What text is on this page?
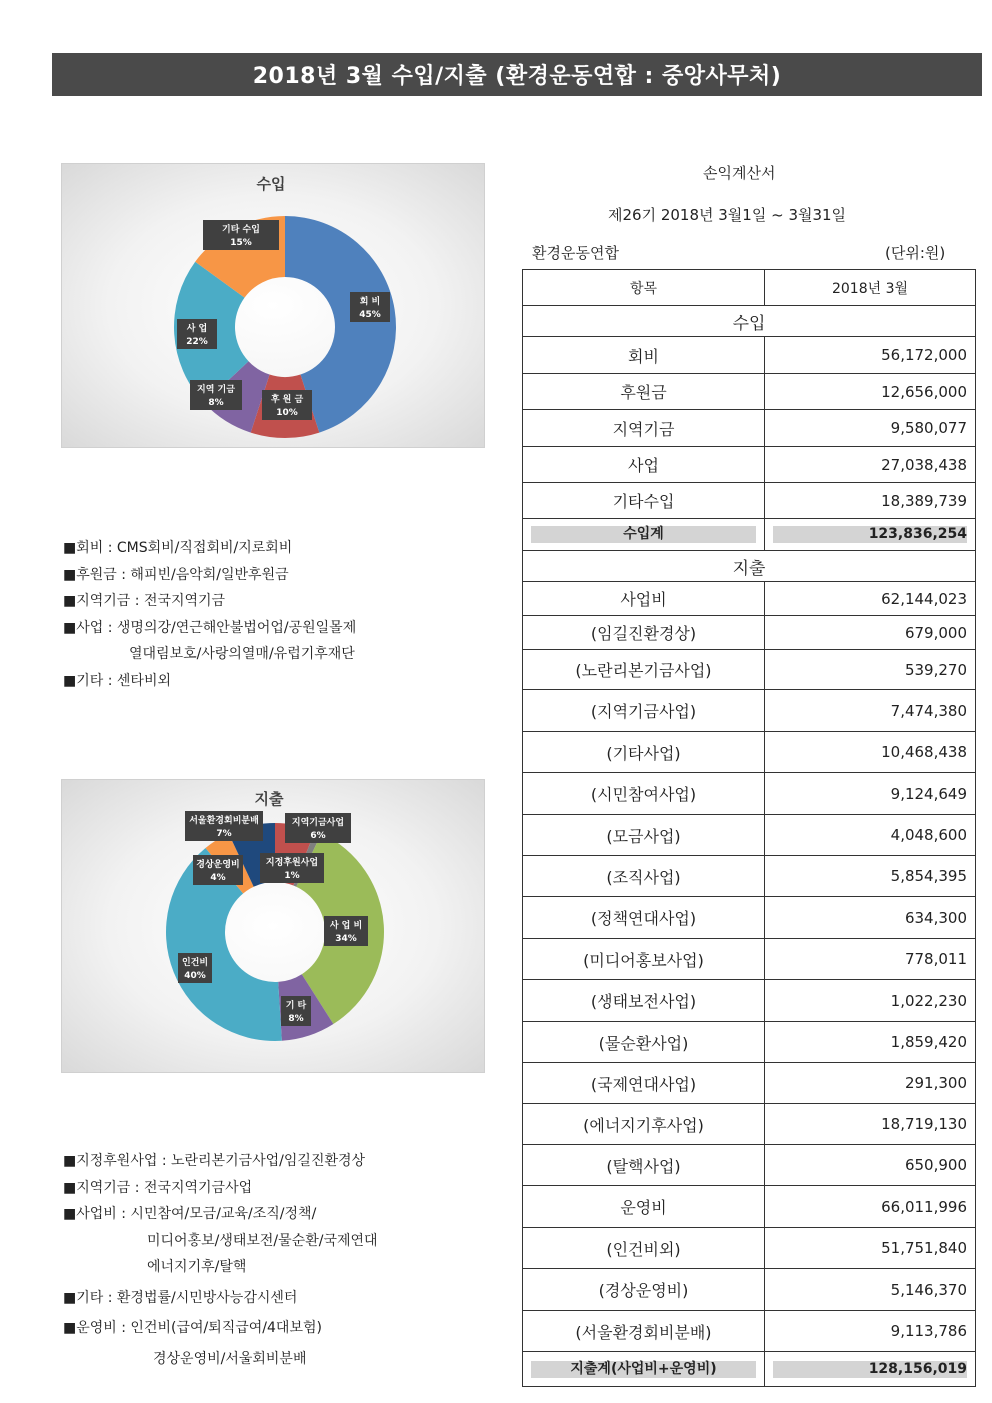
2018년 3월 수입/지출 (환경운동연합 : 중앙사무처)
수입
회 비
45%
후 원 금
10%
지역 기금
8%
사 업
22%
기타 수입
15%
■회비 : CMS회비/직접회비/지로회비
■후원금 : 해피빈/음악회/일반후원금
■지역기금 : 전국지역기금
■사업 : 생명의강/연근해안불법어업/공원일몰제
열대림보호/사랑의열매/유럽기후재단
■기타 : 센타비외
지출
지역기금사업
6%
지정후원사업
1%
사 업 비
34%
기 타
8%
인건비
40%
경상운영비
4%
서울환경회비분배
7%
■지정후원사업 : 노란리본기금사업/임길진환경상
■지역기금 : 전국지역기금사업
■사업비 : 시민참여/모금/교육/조직/정책/
미디어홍보/생태보전/물순환/국제연대
에너지기후/탈핵
■기타 : 환경법률/시민방사능감시센터
■운영비 : 인건비(급여/퇴직급여/4대보험)
경상운영비/서울회비분배
손익계산서
제26기 2018년 3월1일 ~ 3월31일
환경운동연합	(단위:원)
항목	2018년 3월
수입	
회비	56,172,000
후원금	12,656,000
지역기금	9,580,077
사업	27,038,438
기타수입	18,389,739

수입계	123,836,254

지출	
사업비	62,144,023
(임길진환경상)	679,000
(노란리본기금사업)	539,270
(지역기금사업)	7,474,380
(기타사업)	10,468,438
(시민참여사업)	9,124,649
(모금사업)	4,048,600
(조직사업)	5,854,395
(정책연대사업)	634,300
(미디어홍보사업)	778,011
(생태보전사업)	1,022,230
(물순환사업)	1,859,420
(국제연대사업)	291,300
(에너지기후사업)	18,719,130
(탈핵사업)	650,900
운영비	66,011,996
(인건비외)	51,751,840
(경상운영비)	5,146,370
(서울환경회비분배)	9,113,786

지출계(사업비+운영비)	128,156,019
